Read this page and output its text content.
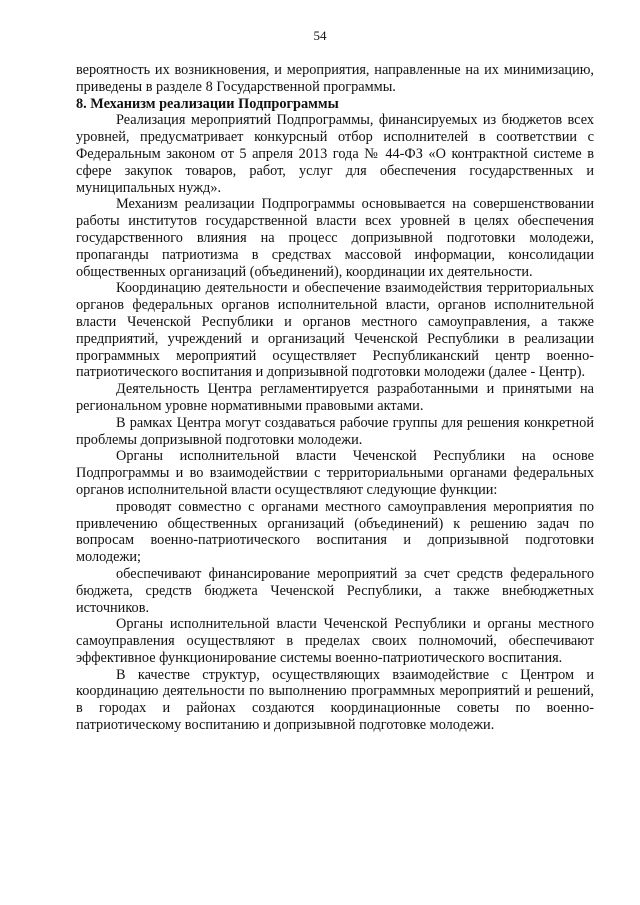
54

вероятность их возникновения, и мероприятия, направленные на их минимизацию, приведены в разделе 8 Государственной программы.

8. Механизм реализации Подпрограммы

Реализация мероприятий Подпрограммы, финансируемых из бюджетов всех уровней, предусматривает конкурсный отбор исполнителей в соответствии с Федеральным законом от 5 апреля 2013 года № 44-ФЗ «О контрактной системе в сфере закупок товаров, работ, услуг для обеспечения государственных и муниципальных нужд».

Механизм реализации Подпрограммы основывается на совершенствовании работы институтов государственной власти всех уровней в целях обеспечения государственного влияния на процесс допризывной подготовки молодежи, пропаганды патриотизма в средствах массовой информации, консолидации общественных организаций (объединений), координации их деятельности.

Координацию деятельности и обеспечение взаимодействия территориальных органов федеральных органов исполнительной власти, органов исполнительной власти Чеченской Республики и органов местного самоуправления, а также предприятий, учреждений и организаций Чеченской Республики в реализации программных мероприятий осуществляет Республиканский центр военно-патриотического воспитания и допризывной подготовки молодежи (далее - Центр).

Деятельность Центра регламентируется разработанными и принятыми на региональном уровне нормативными правовыми актами.

В рамках Центра могут создаваться рабочие группы для решения конкретной проблемы допризывной подготовки молодежи.

Органы исполнительной власти Чеченской Республики на основе Подпрограммы и во взаимодействии с территориальными органами федеральных органов исполнительной власти осуществляют следующие функции:

проводят совместно с органами местного самоуправления мероприятия по привлечению общественных организаций (объединений) к решению задач по вопросам военно-патриотического воспитания и допризывной подготовки молодежи;

обеспечивают финансирование мероприятий за счет средств федерального бюджета, средств бюджета Чеченской Республики, а также внебюджетных источников.

Органы исполнительной власти Чеченской Республики и органы местного самоуправления осуществляют в пределах своих полномочий, обеспечивают эффективное функционирование системы военно-патриотического воспитания.

В качестве структур, осуществляющих взаимодействие с Центром и координацию деятельности по выполнению программных мероприятий и решений, в городах и районах создаются координационные советы по военно-патриотическому воспитанию и допризывной подготовке молодежи.
